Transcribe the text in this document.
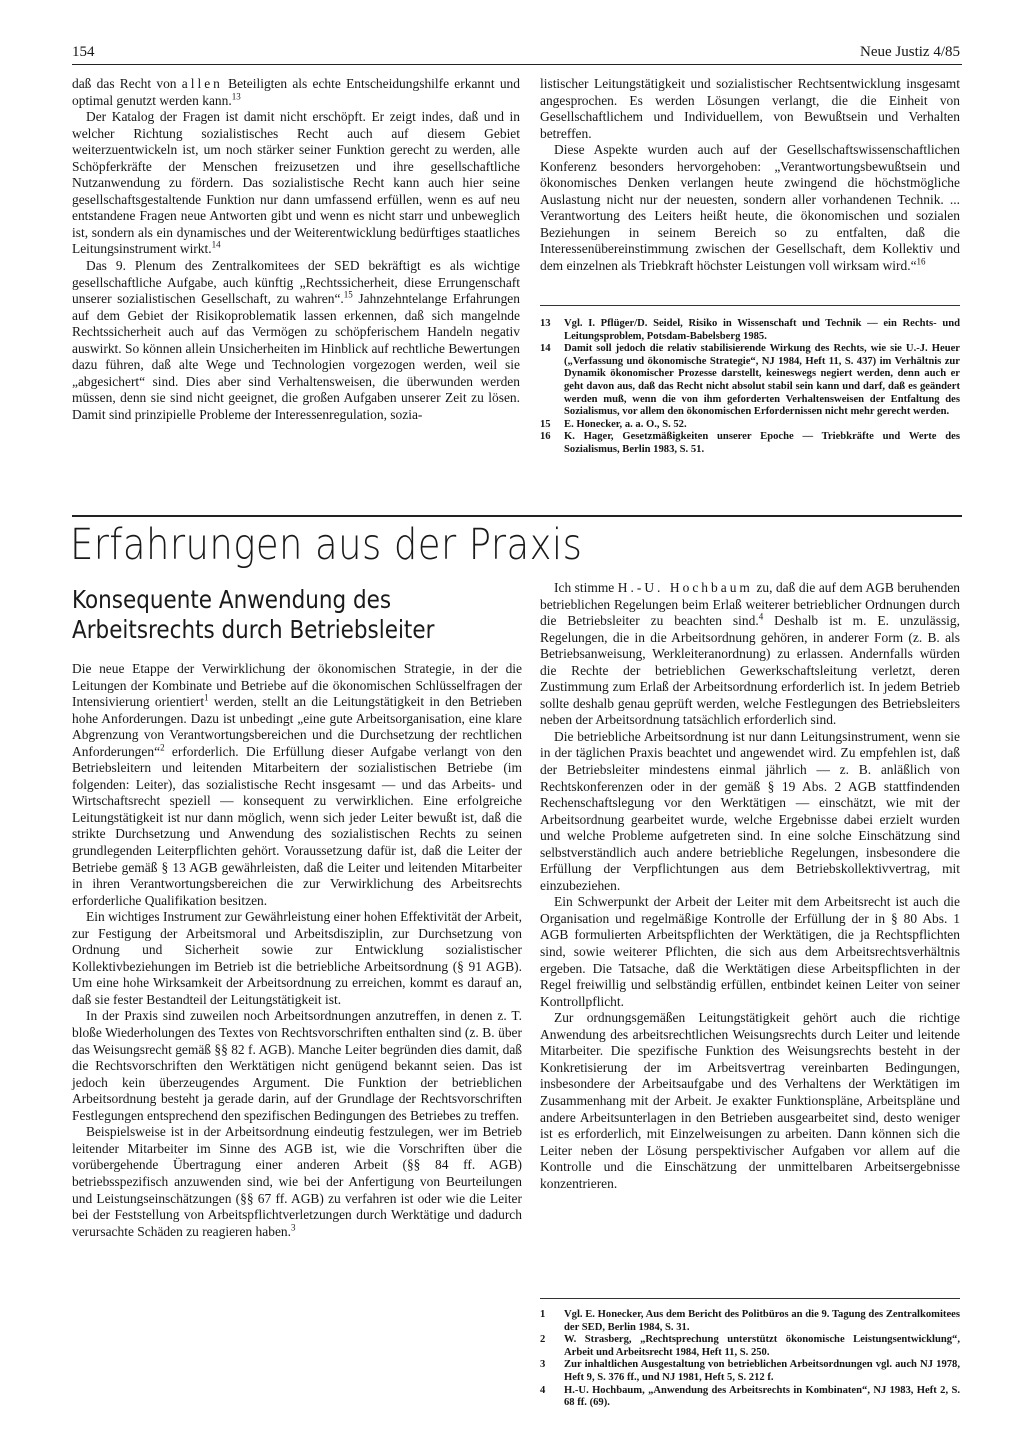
154	Neue Justiz 4/85

daß das Recht von allen Beteiligten als echte Entscheidungshilfe erkannt und optimal genutzt werden kann.$^{13}$

Der Katalog der Fragen ist damit nicht erschöpft. Er zeigt indes, daß und in welcher Richtung sozialistisches Recht auch auf diesem Gebiet weiterzuentwickeln ist, um noch stärker seiner Funktion gerecht zu werden, alle Schöpferkräfte der Menschen freizusetzen und ihre gesellschaftliche Nutzanwendung zu fördern. Das sozialistische Recht kann auch hier seine gesellschaftsgestaltende Funktion nur dann umfassend erfüllen, wenn es auf neu entstandene Fragen neue Antworten gibt und wenn es nicht starr und unbeweglich ist, sondern als ein dynamisches und der Weiterentwicklung bedürftiges staatliches Leitungsinstrument wirkt.$^{14}$

Das 9. Plenum des Zentralkomitees der SED bekräftigt es als wichtige gesellschaftliche Aufgabe, auch künftig „Rechtssicherheit, diese Errungenschaft unserer sozialistischen Gesellschaft, zu wahren“.$^{15}$ Jahnzehntelange Erfahrungen auf dem Gebiet der Risikoproblematik lassen erkennen, daß sich mangelnde Rechtssicherheit auch auf das Vermögen zu schöpferischem Handeln negativ auswirkt. So können allein Unsicherheiten im Hinblick auf rechtliche Bewertungen dazu führen, daß alte Wege und Technologien vorgezogen werden, weil sie „abgesichert“ sind. Dies aber sind Verhaltensweisen, die überwunden werden müssen, denn sie sind nicht geeignet, die großen Aufgaben unserer Zeit zu lösen. Damit sind prinzipielle Probleme der Interessenregulation, sozia-

listischer Leitungstätigkeit und sozialistischer Rechtsentwicklung insgesamt angesprochen. Es werden Lösungen verlangt, die die Einheit von Gesellschaftlichem und Individuellem, von Bewußtsein und Verhalten betreffen.

Diese Aspekte wurden auch auf der Gesellschaftswissenschaftlichen Konferenz besonders hervorgehoben: „Verantwortungsbewußtsein und ökonomisches Denken verlangen heute zwingend die höchstmögliche Auslastung nicht nur der neuesten, sondern aller vorhandenen Technik. ... Verantwortung des Leiters heißt heute, die ökonomischen und sozialen Beziehungen in seinem Bereich so zu entfalten, daß die Interessenübereinstimmung zwischen der Gesellschaft, dem Kollektiv und dem einzelnen als Triebkraft höchster Leistungen voll wirksam wird.“$^{16}$

13	Vgl. I. Pflüger/D. Seidel, Risiko in Wissenschaft und Technik — ein Rechts- und Leitungsproblem, Potsdam-Babelsberg 1985.
14	Damit soll jedoch die relativ stabilisierende Wirkung des Rechts, wie sie U.-J. Heuer („Verfassung und ökonomische Strategie“, NJ 1984, Heft 11, S. 437) im Verhältnis zur Dynamik ökonomischer Prozesse darstellt, keineswegs negiert werden, denn auch er geht davon aus, daß das Recht nicht absolut stabil sein kann und darf, daß es geändert werden muß, wenn die von ihm geforderten Verhaltensweisen der Entfaltung des Sozialismus, vor allem den ökonomischen Erfordernissen nicht mehr gerecht werden.
15	E. Honecker, a. a. O., S. 52.
16	K. Hager, Gesetzmäßigkeiten unserer Epoche — Triebkräfte und Werte des Sozialismus, Berlin 1983, S. 51.
Erfahrungen aus der Praxis
Konsequente Anwendung des Arbeitsrechts durch Betriebsleiter

Die neue Etappe der Verwirklichung der ökonomischen Strategie, in der die Leitungen der Kombinate und Betriebe auf die ökonomischen Schlüsselfragen der Intensivierung orientiert$^1$ werden, stellt an die Leitungstätigkeit in den Betrieben hohe Anforderungen. Dazu ist unbedingt „eine gute Arbeitsorganisation, eine klare Abgrenzung von Verantwortungsbereichen und die Durchsetzung der rechtlichen Anforderungen“$^2$ erforderlich. Die Erfüllung dieser Aufgabe verlangt von den Betriebsleitern und leitenden Mitarbeitern der sozialistischen Betriebe (im folgenden: Leiter), das sozialistische Recht insgesamt — und das Arbeits- und Wirtschaftsrecht speziell — konsequent zu verwirklichen. Eine erfolgreiche Leitungstätigkeit ist nur dann möglich, wenn sich jeder Leiter bewußt ist, daß die strikte Durchsetzung und Anwendung des sozialistischen Rechts zu seinen grundlegenden Leiterpflichten gehört. Voraussetzung dafür ist, daß die Leiter der Betriebe gemäß § 13 AGB gewährleisten, daß die Leiter und leitenden Mitarbeiter in ihren Verantwortungsbereichen die zur Verwirklichung des Arbeitsrechts erforderliche Qualifikation besitzen.

Ein wichtiges Instrument zur Gewährleistung einer hohen Effektivität der Arbeit, zur Festigung der Arbeitsmoral und Arbeitsdisziplin, zur Durchsetzung von Ordnung und Sicherheit sowie zur Entwicklung sozialistischer Kollektivbeziehungen im Betrieb ist die betriebliche Arbeitsordnung (§ 91 AGB). Um eine hohe Wirksamkeit der Arbeitsordnung zu erreichen, kommt es darauf an, daß sie fester Bestandteil der Leitungstätigkeit ist.

In der Praxis sind zuweilen noch Arbeitsordnungen anzutreffen, in denen z. T. bloße Wiederholungen des Textes von Rechtsvorschriften enthalten sind (z. B. über das Weisungsrecht gemäß §§ 82 f. AGB). Manche Leiter begründen dies damit, daß die Rechtsvorschriften den Werktätigen nicht genügend bekannt seien. Das ist jedoch kein überzeugendes Argument. Die Funktion der betrieblichen Arbeitsordnung besteht ja gerade darin, auf der Grundlage der Rechtsvorschriften Festlegungen entsprechend den spezifischen Bedingungen des Betriebes zu treffen.

Beispielsweise ist in der Arbeitsordnung eindeutig festzulegen, wer im Betrieb leitender Mitarbeiter im Sinne des AGB ist, wie die Vorschriften über die vorübergehende Übertragung einer anderen Arbeit (§§ 84 ff. AGB) betriebsspezifisch anzuwenden sind, wie bei der Anfertigung von Beurteilungen und Leistungseinschätzungen (§§ 67 ff. AGB) zu verfahren ist oder wie die Leiter bei der Feststellung von Arbeitspflichtverletzungen durch Werktätige und dadurch verursachte Schäden zu reagieren haben.$^3$

Ich stimme H.-U. Hochbaum zu, daß die auf dem AGB beruhenden betrieblichen Regelungen beim Erlaß weiterer betrieblicher Ordnungen durch die Betriebsleiter zu beachten sind.$^4$ Deshalb ist m. E. unzulässig, Regelungen, die in die Arbeitsordnung gehören, in anderer Form (z. B. als Betriebsanweisung, Werkleiteranordnung) zu erlassen. Andernfalls würden die Rechte der betrieblichen Gewerkschaftsleitung verletzt, deren Zustimmung zum Erlaß der Arbeitsordnung erforderlich ist. In jedem Betrieb sollte deshalb genau geprüft werden, welche Festlegungen des Betriebsleiters neben der Arbeitsordnung tatsächlich erforderlich sind.

Die betriebliche Arbeitsordnung ist nur dann Leitungsinstrument, wenn sie in der täglichen Praxis beachtet und angewendet wird. Zu empfehlen ist, daß der Betriebsleiter mindestens einmal jährlich — z. B. anläßlich von Rechtskonferenzen oder in der gemäß § 19 Abs. 2 AGB stattfindenden Rechenschaftslegung vor den Werktätigen — einschätzt, wie mit der Arbeitsordnung gearbeitet wurde, welche Ergebnisse dabei erzielt wurden und welche Probleme aufgetreten sind. In eine solche Einschätzung sind selbstverständlich auch andere betriebliche Regelungen, insbesondere die Erfüllung der Verpflichtungen aus dem Betriebskollektivvertrag, mit einzubeziehen.

Ein Schwerpunkt der Arbeit der Leiter mit dem Arbeitsrecht ist auch die Organisation und regelmäßige Kontrolle der Erfüllung der in § 80 Abs. 1 AGB formulierten Arbeitspflichten der Werktätigen, die ja Rechtspflichten sind, sowie weiterer Pflichten, die sich aus dem Arbeitsrechtsverhältnis ergeben. Die Tatsache, daß die Werktätigen diese Arbeitspflichten in der Regel freiwillig und selbständig erfüllen, entbindet keinen Leiter von seiner Kontrollpflicht.

Zur ordnungsgemäßen Leitungstätigkeit gehört auch die richtige Anwendung des arbeitsrechtlichen Weisungsrechts durch Leiter und leitende Mitarbeiter. Die spezifische Funktion des Weisungsrechts besteht in der Konkretisierung der im Arbeitsvertrag vereinbarten Bedingungen, insbesondere der Arbeitsaufgabe und des Verhaltens der Werktätigen im Zusammenhang mit der Arbeit. Je exakter Funktionspläne, Arbeitspläne und andere Arbeitsunterlagen in den Betrieben ausgearbeitet sind, desto weniger ist es erforderlich, mit Einzelweisungen zu arbeiten. Dann können sich die Leiter neben der Lösung perspektivischer Aufgaben vor allem auf die Kontrolle und die Einschätzung der unmittelbaren Arbeitsergebnisse konzentrieren.

1	Vgl. E. Honecker, Aus dem Bericht des Politbüros an die 9. Tagung des Zentralkomitees der SED, Berlin 1984, S. 31.
2	W. Strasberg, „Rechtsprechung unterstützt ökonomische Leistungsentwicklung“, Arbeit und Arbeitsrecht 1984, Heft 11, S. 250.
3	Zur inhaltlichen Ausgestaltung von betrieblichen Arbeitsordnungen vgl. auch NJ 1978, Heft 9, S. 376 ff., und NJ 1981, Heft 5, S. 212 f.
4	H.-U. Hochbaum, „Anwendung des Arbeitsrechts in Kombinaten“, NJ 1983, Heft 2, S. 68 ff. (69).
